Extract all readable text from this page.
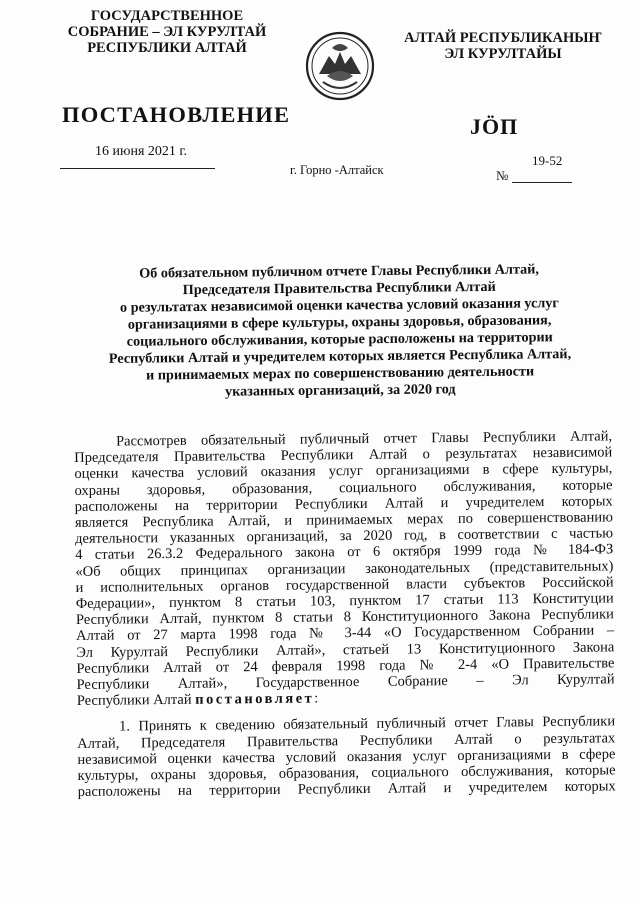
ГОСУДАРСТВЕННОЕ
СОБРАНИЕ – ЭЛ КУРУЛТАЙ
РЕСПУБЛИКИ АЛТАЙ
АЛТАЙ РЕСПУБЛИКАНЫҤ
ЭЛ КУРУЛТАЙЫ
ПОСТАНОВЛЕНИЕ	JÖП
16 июня 2021 г.
г. Горно -Алтайск
19-52
№
Об обязательном публичном отчете Главы Республики Алтай,
Председателя Правительства Республики Алтай
о результатах независимой оценки качества условий оказания услуг
организациями в сфере культуры, охраны здоровья, образования,
социального обслуживания, которые расположены на территории
Республики Алтай и учредителем которых является Республика Алтай,
и принимаемых мерах по совершенствованию деятельности
указанных организаций, за 2020 год
Рассмотрев обязательный публичный отчет Главы Республики Алтай,
Председателя Правительства Республики Алтай о результатах независимой
оценки качества условий оказания услуг организациями в сфере культуры,
охраны здоровья, образования, социального обслуживания, которые
расположены на территории Республики Алтай и учредителем которых
является Республика Алтай, и принимаемых мерах по совершенствованию
деятельности указанных организаций, за 2020 год, в соответствии с частью
4 статьи 26.3.2 Федерального закона от 6 октября 1999 года № 184-ФЗ
«Об общих принципах организации законодательных (представительных)
и исполнительных органов государственной власти субъектов Российской
Федерации», пунктом 8 статьи 103, пунктом 17 статьи 113 Конституции
Республики Алтай, пунктом 8 статьи 8 Конституционного Закона Республики
Алтай от 27 марта 1998 года № 3-44 «О Государственном Собрании –
Эл Курултай Республики Алтай», статьей 13 Конституционного Закона
Республики Алтай от 24 февраля 1998 года № 2-4 «О Правительстве
Республики Алтай», Государственное Собрание – Эл Курултай
Республики Алтай постановляет:
1. Принять к сведению обязательный публичный отчет Главы Республики
Алтай, Председателя Правительства Республики Алтай о результатах
независимой оценки качества условий оказания услуг организациями в сфере
культуры, охраны здоровья, образования, социального обслуживания, которые
расположены на территории Республики Алтай и учредителем которых
